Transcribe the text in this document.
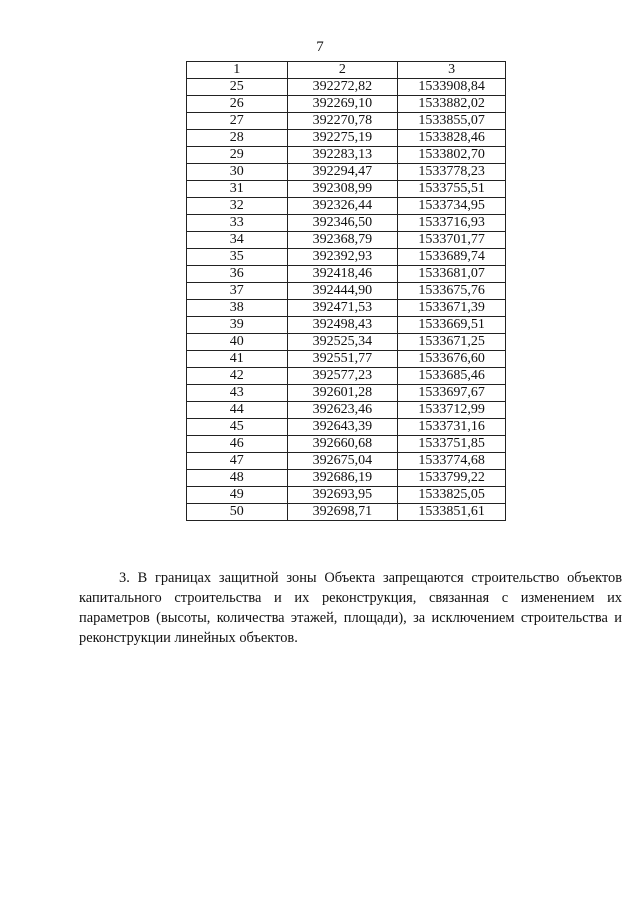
7
1	2	3
25	392272,82	1533908,84
26	392269,10	1533882,02
27	392270,78	1533855,07
28	392275,19	1533828,46
29	392283,13	1533802,70
30	392294,47	1533778,23
31	392308,99	1533755,51
32	392326,44	1533734,95
33	392346,50	1533716,93
34	392368,79	1533701,77
35	392392,93	1533689,74
36	392418,46	1533681,07
37	392444,90	1533675,76
38	392471,53	1533671,39
39	392498,43	1533669,51
40	392525,34	1533671,25
41	392551,77	1533676,60
42	392577,23	1533685,46
43	392601,28	1533697,67
44	392623,46	1533712,99
45	392643,39	1533731,16
46	392660,68	1533751,85
47	392675,04	1533774,68
48	392686,19	1533799,22
49	392693,95	1533825,05
50	392698,71	1533851,61

3. В границах защитной зоны Объекта запрещаются строительство объектов капитального строительства и их реконструкция, связанная с изменением их параметров (высоты, количества этажей, площади), за исключением строительства и реконструкции линейных объектов.
